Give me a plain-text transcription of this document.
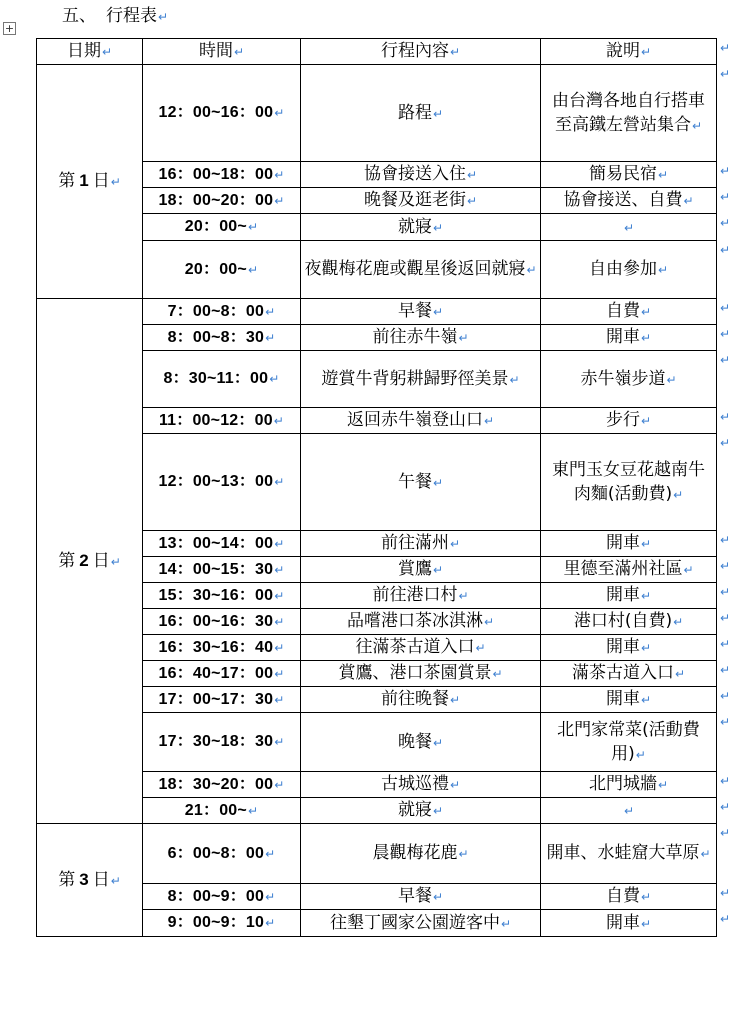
五、 行程表 ↵
+
日期 ↵	時間 ↵	行程內容 ↵	說明 ↵
第 1 日 ↵	12：00~16：00 ↵	路程 ↵	由台灣各地自行搭車至高鐵左營站集合 ↵
	16：00~18：00 ↵	協會接送入住 ↵	簡易民宿 ↵
	18：00~20：00 ↵	晚餐及逛老街 ↵	協會接送、自費 ↵
	20：00~ ↵	就寢 ↵	↵
	20：00~ ↵	夜觀梅花鹿或觀星後返回就寢 ↵	自由參加 ↵
第 2 日 ↵	7：00~8：00 ↵	早餐 ↵	自費 ↵
	8：00~8：30 ↵	前往赤牛嶺 ↵	開車 ↵
	8：30~11：00 ↵	遊賞牛背躬耕歸野徑美景 ↵	赤牛嶺步道 ↵
	11：00~12：00 ↵	返回赤牛嶺登山口 ↵	步行 ↵
	12：00~13：00 ↵	午餐 ↵	東門玉女豆花越南牛肉麵(活動費) ↵
	13：00~14：00 ↵	前往滿州 ↵	開車 ↵
	14：00~15：30 ↵	賞鷹 ↵	里德至滿州社區 ↵
	15：30~16：00 ↵	前往港口村 ↵	開車 ↵
	16：00~16：30 ↵	品嚐港口茶冰淇淋 ↵	港口村(自費) ↵
	16：30~16：40 ↵	往滿茶古道入口 ↵	開車 ↵
	16：40~17：00 ↵	賞鷹、港口茶園賞景 ↵	滿茶古道入口 ↵
	17：00~17：30 ↵	前往晚餐 ↵	開車 ↵
	17：30~18：30 ↵	晚餐 ↵	北門家常菜(活動費用) ↵
	18：30~20：00 ↵	古城巡禮 ↵	北門城牆 ↵
	21：00~ ↵	就寢 ↵	↵
第 3 日 ↵	6：00~8：00 ↵	晨觀梅花鹿 ↵	開車、水蛙窟大草原 ↵
	8：00~9：00 ↵	早餐 ↵	自費 ↵
	9：00~9：10 ↵	往墾丁國家公園遊客中 ↵	開車 ↵
↵
↵
↵
↵
↵
↵
↵
↵
↵
↵
↵
↵
↵
↵
↵
↵
↵
↵
↵
↵
↵
↵
↵
↵
